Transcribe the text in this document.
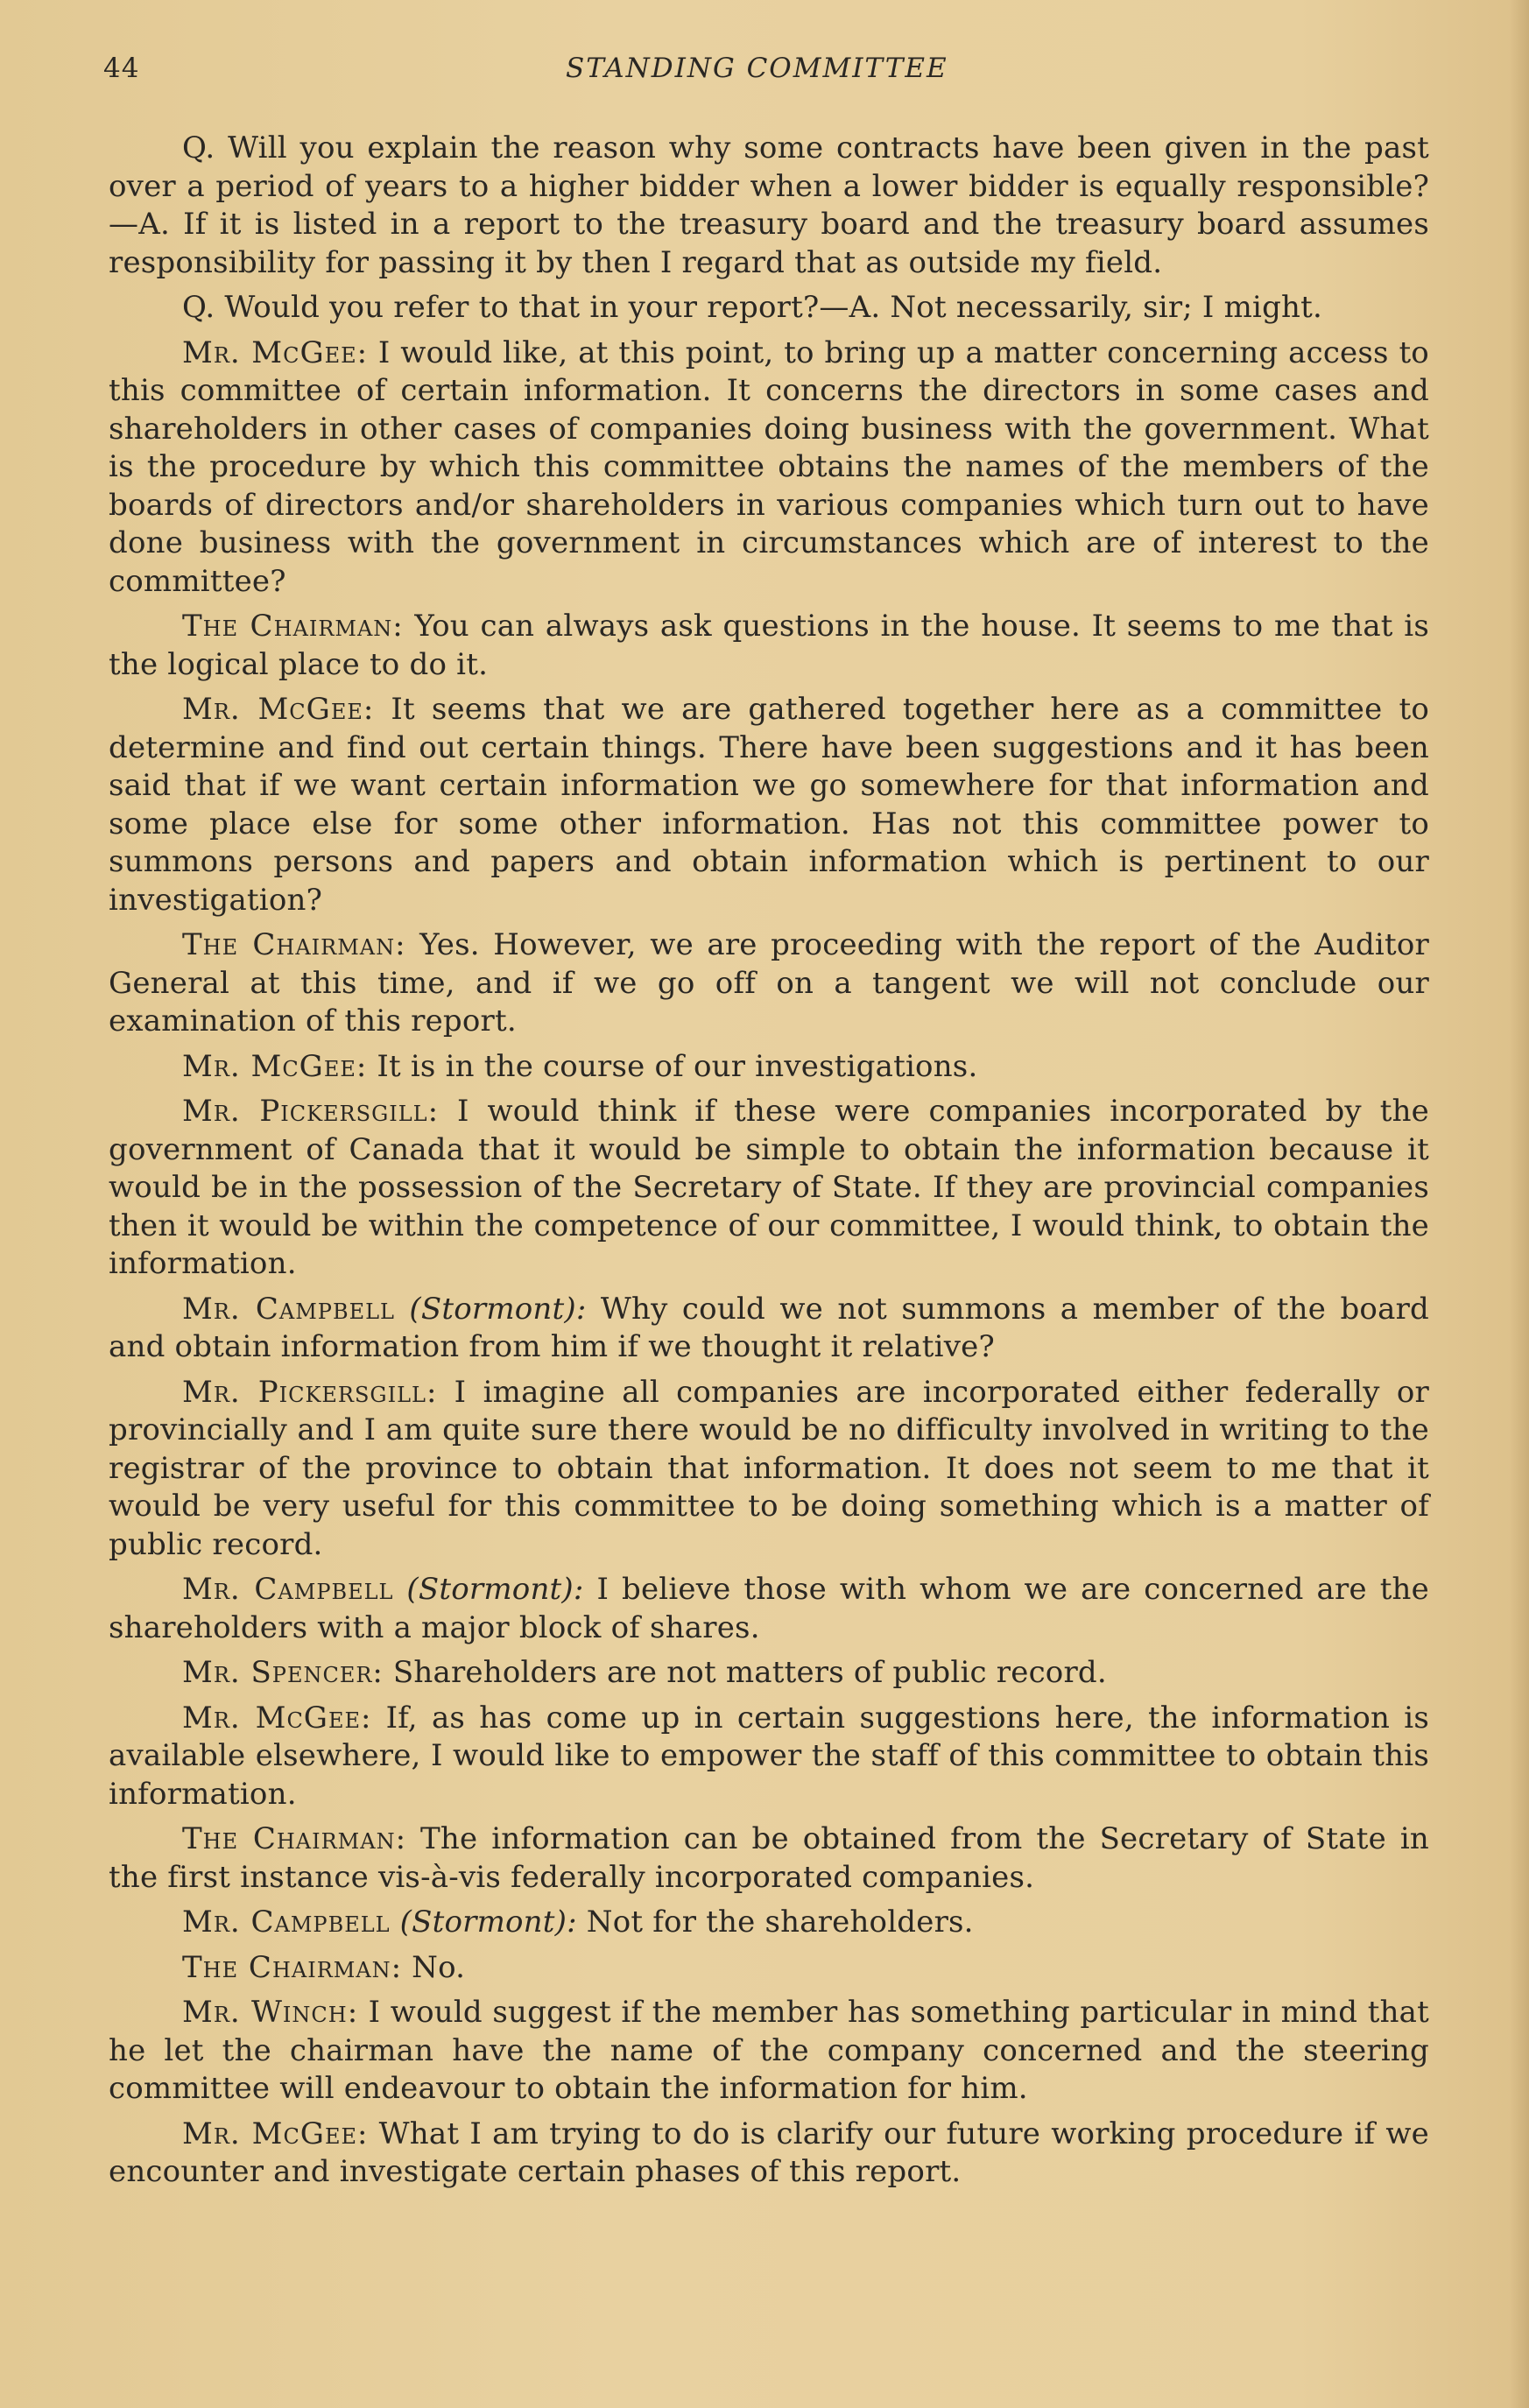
44	STANDING COMMITTEE

Q. Will you explain the reason why some contracts have been given in the past over a period of years to a higher bidder when a lower bidder is equally responsible?—A. If it is listed in a report to the treasury board and the treasury board assumes responsibility for passing it by then I regard that as outside my field.

Q. Would you refer to that in your report?—A. Not necessarily, sir; I might.

Mr. McGee: I would like, at this point, to bring up a matter concerning access to this committee of certain information. It concerns the directors in some cases and shareholders in other cases of companies doing business with the government. What is the procedure by which this committee obtains the names of the members of the boards of directors and/or shareholders in various companies which turn out to have done business with the government in circumstances which are of interest to the committee?

The Chairman: You can always ask questions in the house. It seems to me that is the logical place to do it.

Mr. McGee: It seems that we are gathered together here as a committee to determine and find out certain things. There have been suggestions and it has been said that if we want certain information we go somewhere for that information and some place else for some other information. Has not this committee power to summons persons and papers and obtain information which is pertinent to our investigation?

The Chairman: Yes. However, we are proceeding with the report of the Auditor General at this time, and if we go off on a tangent we will not conclude our examination of this report.

Mr. McGee: It is in the course of our investigations.

Mr. Pickersgill: I would think if these were companies incorporated by the government of Canada that it would be simple to obtain the information because it would be in the possession of the Secretary of State. If they are provincial companies then it would be within the competence of our committee, I would think, to obtain the information.

Mr. Campbell (Stormont): Why could we not summons a member of the board and obtain information from him if we thought it relative?

Mr. Pickersgill: I imagine all companies are incorporated either federally or provincially and I am quite sure there would be no difficulty involved in writing to the registrar of the province to obtain that information. It does not seem to me that it would be very useful for this committee to be doing something which is a matter of public record.

Mr. Campbell (Stormont): I believe those with whom we are concerned are the shareholders with a major block of shares.

Mr. Spencer: Shareholders are not matters of public record.

Mr. McGee: If, as has come up in certain suggestions here, the information is available elsewhere, I would like to empower the staff of this committee to obtain this information.

The Chairman: The information can be obtained from the Secretary of State in the first instance vis-à-vis federally incorporated companies.

Mr. Campbell (Stormont): Not for the shareholders.

The Chairman: No.

Mr. Winch: I would suggest if the member has something particular in mind that he let the chairman have the name of the company concerned and the steering committee will endeavour to obtain the information for him.

Mr. McGee: What I am trying to do is clarify our future working procedure if we encounter and investigate certain phases of this report.
